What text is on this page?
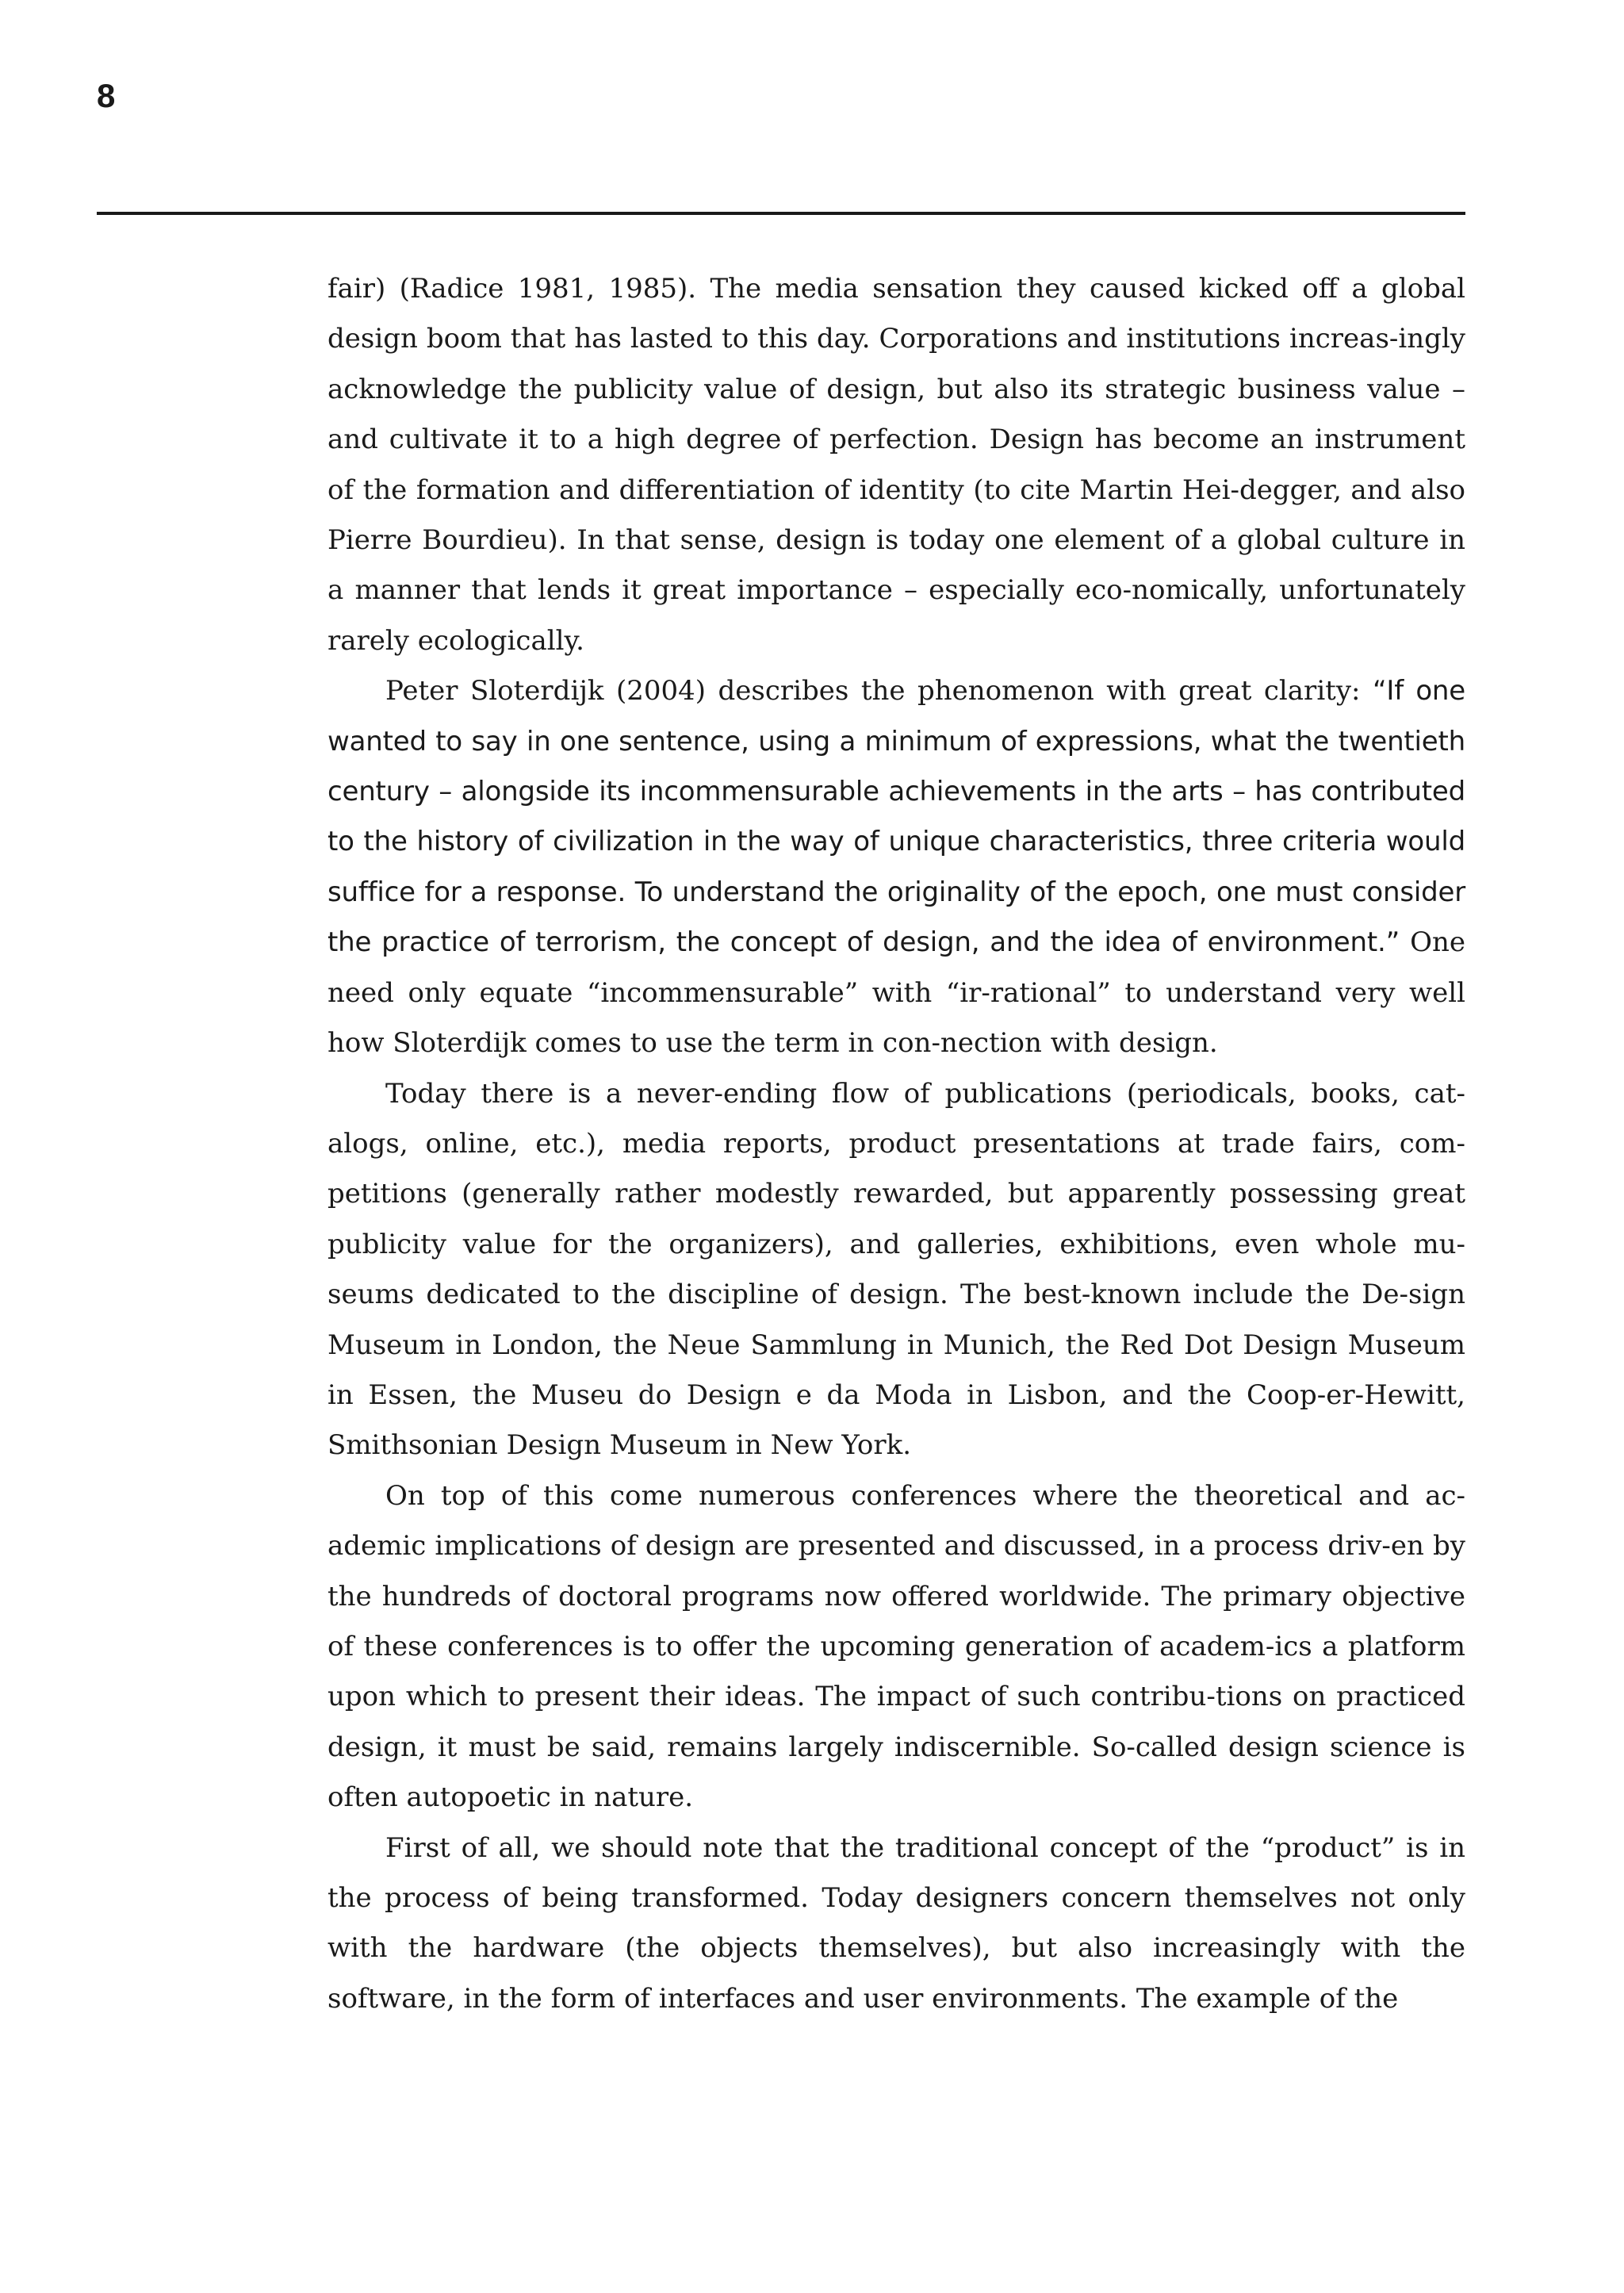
8

fair) (Radice 1981, 1985). The media sensation they caused kicked off a global design boom that has lasted to this day. Corporations and institutions increas-ingly acknowledge the publicity value of design, but also its strategic business value – and cultivate it to a high degree of perfection. Design has become an instrument of the formation and differentiation of identity (to cite Martin Hei-degger, and also Pierre Bourdieu). In that sense, design is today one element of a global culture in a manner that lends it great importance – especially eco-nomically, unfortunately rarely ecologically.

Peter Sloterdijk (2004) describes the phenomenon with great clarity: “If one wanted to say in one sentence, using a minimum of expressions, what the twentieth century – alongside its incommensurable achievements in the arts – has contributed to the history of civilization in the way of unique characteristics, three criteria would suffice for a response. To understand the originality of the epoch, one must consider the practice of terrorism, the concept of design, and the idea of environment.” One need only equate “incommensurable” with “ir-rational” to understand very well how Sloterdijk comes to use the term in con-nection with design.

Today there is a never-ending flow of publications (periodicals, books, cat-alogs, online, etc.), media reports, product presentations at trade fairs, com-petitions (generally rather modestly rewarded, but apparently possessing great publicity value for the organizers), and galleries, exhibitions, even whole mu-seums dedicated to the discipline of design. The best-known include the De-sign Museum in London, the Neue Sammlung in Munich, the Red Dot Design Museum in Essen, the Museu do Design e da Moda in Lisbon, and the Coop-er-Hewitt, Smithsonian Design Museum in New York.

On top of this come numerous conferences where the theoretical and ac-ademic implications of design are presented and discussed, in a process driv-en by the hundreds of doctoral programs now offered worldwide. The primary objective of these conferences is to offer the upcoming generation of academ-ics a platform upon which to present their ideas. The impact of such contribu-tions on practiced design, it must be said, remains largely indiscernible. So-called design science is often autopoetic in nature.

First of all, we should note that the traditional concept of the “product” is in the process of being transformed. Today designers concern themselves not only with the hardware (the objects themselves), but also increasingly with the software, in the form of interfaces and user environments. The example of the
